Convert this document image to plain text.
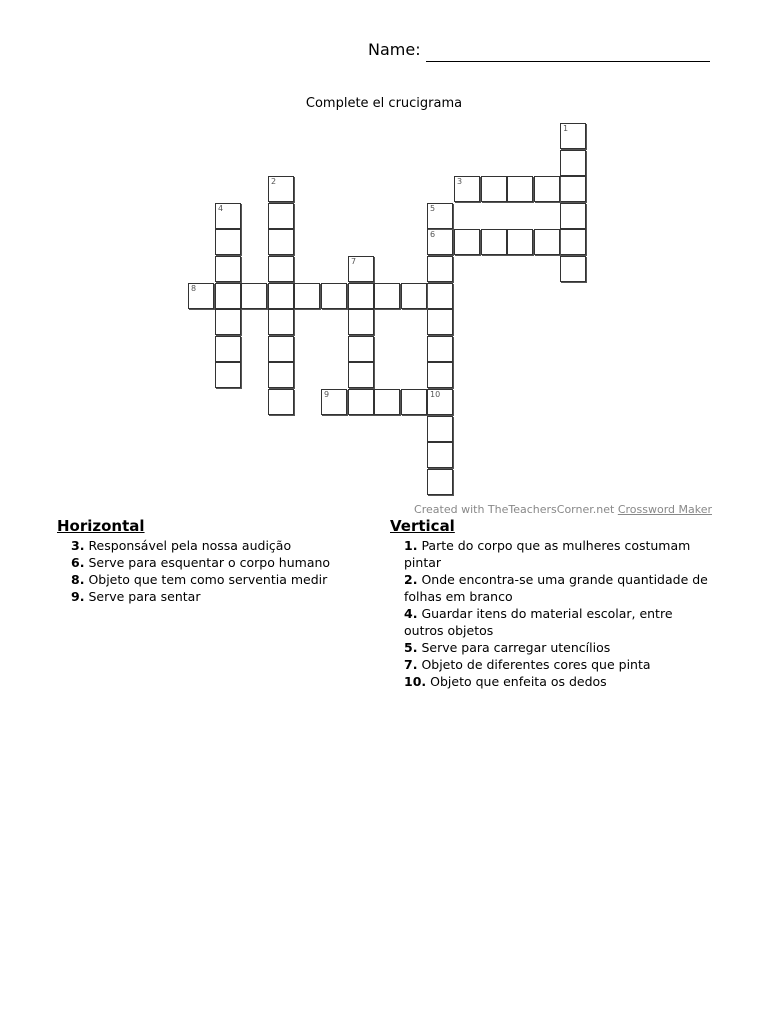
Name:
Complete el crucigrama
1
3
6
5
2
4
8
7
9	10
Created with TheTeachersCorner.net Crossword Maker
Horizontal
3. Responsável pela nossa audição
6. Serve para esquentar o corpo humano
8. Objeto que tem como serventia medir
9. Serve para sentar
Vertical
1. Parte do corpo que as mulheres costumam pintar
2. Onde encontra-se uma grande quantidade de folhas em branco
4. Guardar itens do material escolar, entre outros objetos
5. Serve para carregar utencílios
7. Objeto de diferentes cores que pinta
10. Objeto que enfeita os dedos
